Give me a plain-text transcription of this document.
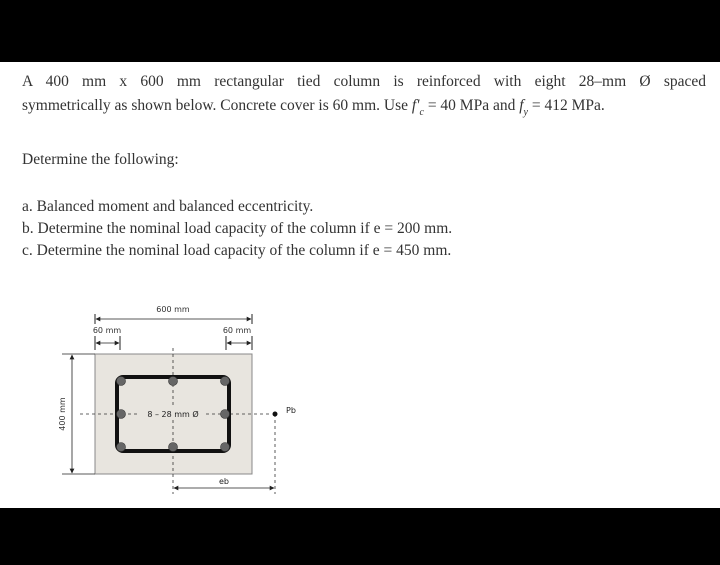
A 400 mm x 600 mm rectangular tied column is reinforced with eight 28–mm Ø spaced
symmetrically as shown below. Concrete cover is 60 mm. Use $f'_c = 40$ MPa and $f_y = 412$ MPa.
Determine the following:
a. Balanced moment and balanced eccentricity.
b. Determine the nominal load capacity of the column if e = 200 mm.
c. Determine the nominal load capacity of the column if e = 450 mm.
600 mm
60 mm	60 mm
400 mm	8 – 28 mm Ø	Pb
eb
